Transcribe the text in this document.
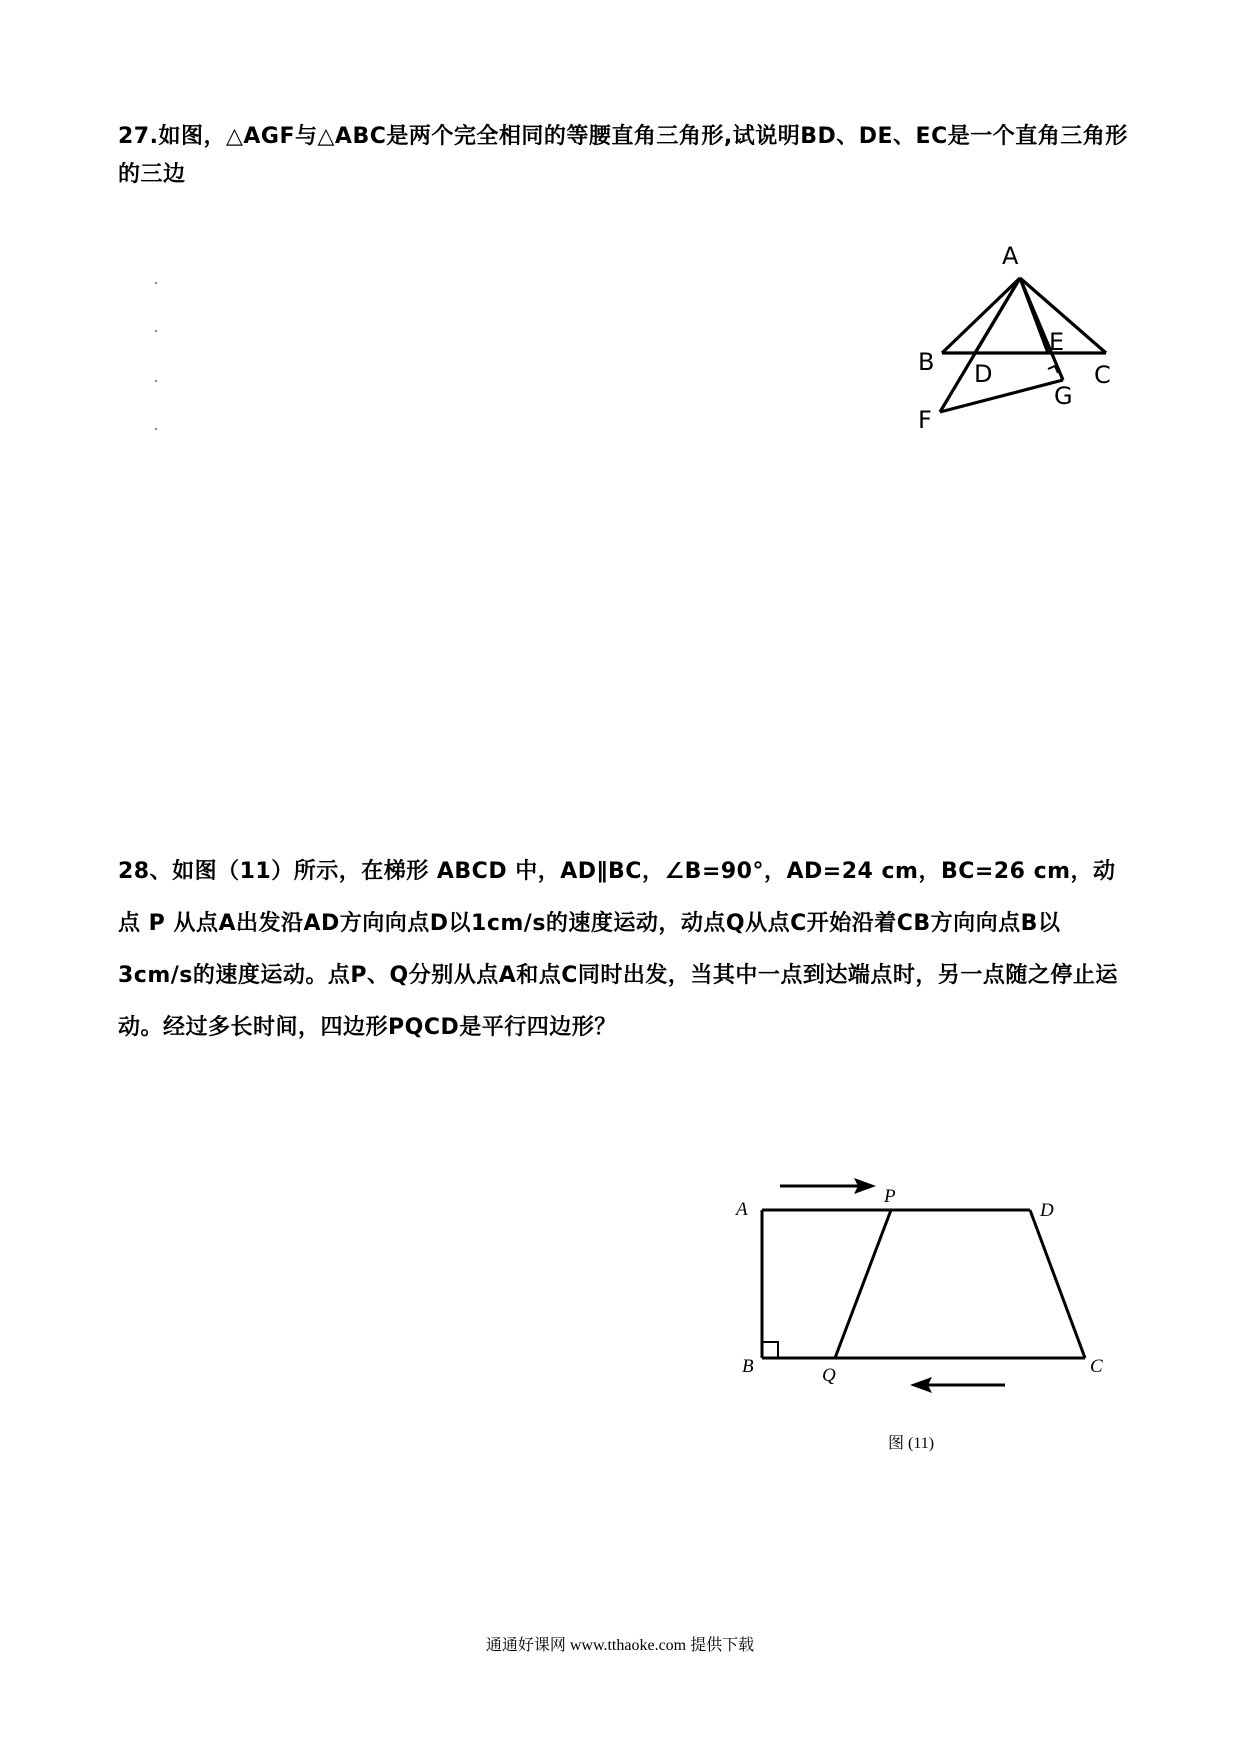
27.如图，△AGF与△ABC是两个完全相同的等腰直角三角形,试说明BD、DE、EC是一个直角三角形的三边
A
B	C
D
E
F
G
28、如图（11）所示，在梯形 ABCD 中，AD∥BC，∠B=90°，AD=24 cm，BC=26 cm，动点 P 从点A出发沿AD方向向点D以1cm/s的速度运动，动点Q从点C开始沿着CB方向向点B以3cm/s的速度运动。点P、Q分别从点A和点C同时出发，当其中一点到达端点时，另一点随之停止运动。经过多长时间，四边形PQCD是平行四边形？
A
B	C
D
P
Q
图 (11)
通通好课网 www.tthaoke.com 提供下载
